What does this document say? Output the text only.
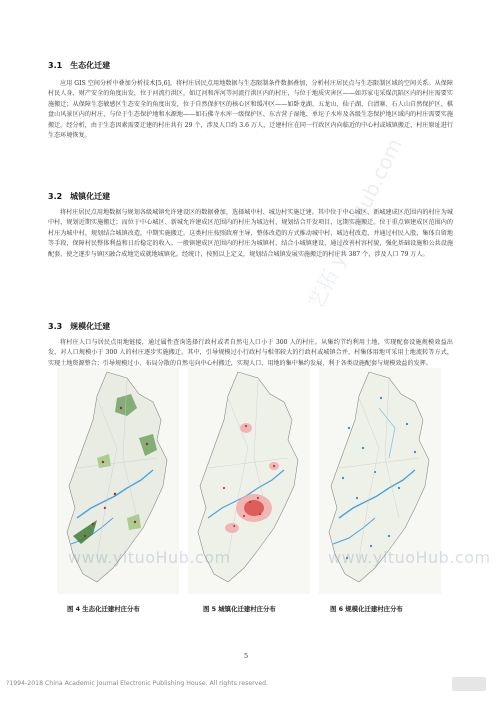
3.1　生态化迁建

应用 GIS 空间分析中叠加分析技术[5,6]，将村庄居民点用地数据与生态限制条件数据叠加，分析村庄居民点与生态限制区域的空间关系。从保障村民人身、财产安全的角度出发，位于河流行洪区，如辽河和浑河等河流行洪区内的村庄，与位于地质灾害区——如苏家屯采煤沉陷区内的村庄需要实施搬迁；从保障生态敏感区生态安全的角度出发，位于自然保护区的核心区和缓冲区——如卧龙湖、五龙山、仙子湖、白清寨、石人山自然保护区、棋盘山风景区内的村庄，与位于生态保护地和水源地——如石佛寺水库一级保护区、东古营子湿地、单坨子水库及各级生态保护地区域内的村庄需要实施搬迁。经分析，由于生态因素需要迁建的村庄共有 29 个，涉及人口约 3.6 万人，迁建村庄在同一行政区内向临近的中心村或城镇搬迁，村庄原址进行生态环境恢复。

3.2　城镇化迁建

将村庄居民点用地数据与规划各级城镇允许建设区的数据叠加，选择城中村、城边村实施迁建。其中位于中心城区、新城建成区范围内的村庄为城中村，规划近期实施搬迁；而位于中心城区、新城允许建成区范围内的村庄为城边村，规划结合开发项目，远期实施搬迁。位于重点镇建成区范围内的村庄为城中村，规划结合城镇改造，中期实施搬迁。这类村庄按照政府主导，整体改造的方式推动城中村、城边村改造，并通过村民入股、集体自留地等手段，保障村民整体利益和日后稳定的收入。一般镇建成区范围内的村庄为城镇村，结合小城镇建设，通过改善村容村貌，强化基础设施和公共设施配套，使之逐步与镇区融合成地完成就地城镇化。经统计，按照以上定义，规划结合城镇发展实施搬迁的村庄共 387 个，涉及人口 79 万人。

3.3　规模化迁建

将村庄人口与居民点用地链接，通过属性查询选择行政村或者自然屯人口小于 300 人的村庄。从集约节约利用土地，实现配套设施规模效益出发，对人口规模小于 300 人的村庄逐步实施搬迁。其中，引导规模过小行政村与相邻较大的行政村或城镇合并，村集体用地可采用土地流转等方式，实现土地资源整合；引导规模过小、布局分散的自然屯向中心村搬迁，实现人口、用地的集中集约发展，利于各类设施配套与规模效益的发挥。

www.yituoHub.com	www.yituoHub.com
艺拓 yituoHub.com
图 4 生态化迁建村庄分布	图 5 城镇化迁建村庄分布	图 6 规模化迁建村庄分布
5
?1994-2018 China Academic Journal Electronic Publishing House. All rights reserved.
